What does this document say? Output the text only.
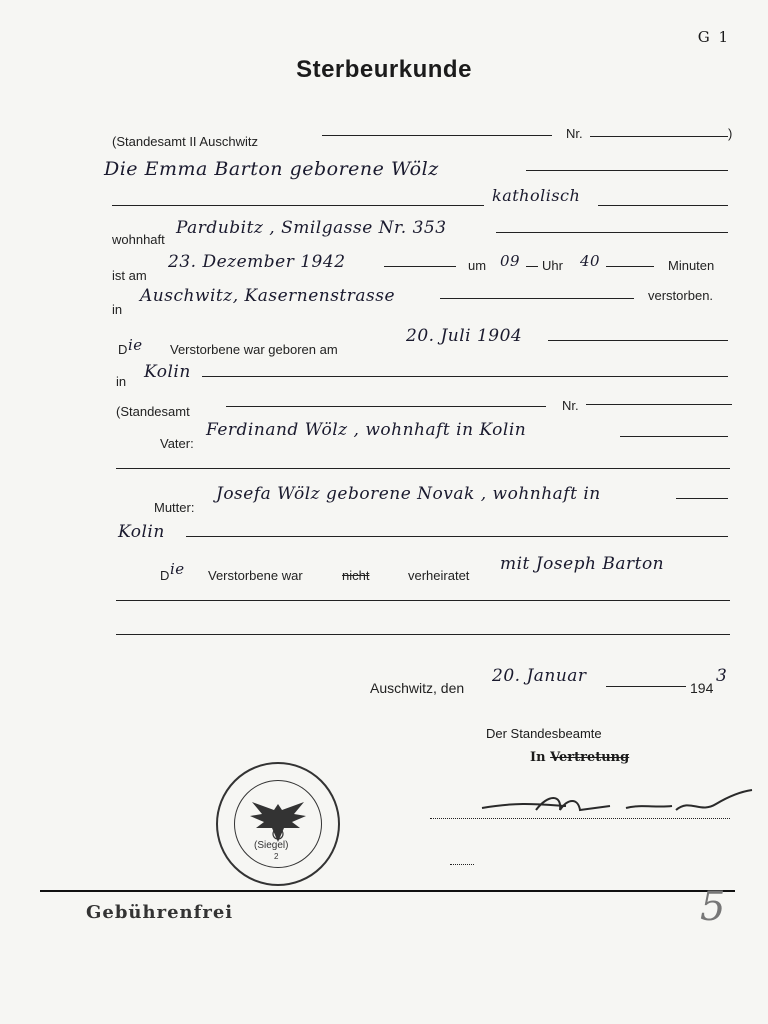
G 1
Sterbeurkunde
(Standesamt II Auschwitz
Nr.	)
Die Emma Barton geborene Wölz
katholisch
wohnhaft
Pardubitz , Smilgasse Nr. 353
ist am
23. Dezember 1942	um 09 Uhr 40	Minuten
in
Auschwitz, Kasernenstrasse	verstorben.
D ie Verstorbene war geboren am
20. Juli 1904
in Kolin
(Standesamt	Nr.
Vater:
Ferdinand Wölz , wohnhaft in Kolin
Mutter:
Josefa Wölz geborene Novak , wohnhaft in
Kolin
D ie Verstorbene war	nicht	verheiratet
mit Joseph Barton
Auschwitz, den
20. Januar
194
3
Der Standesbeamte
In Vertretung
(Siegel)
2
Gebührenfrei	5
